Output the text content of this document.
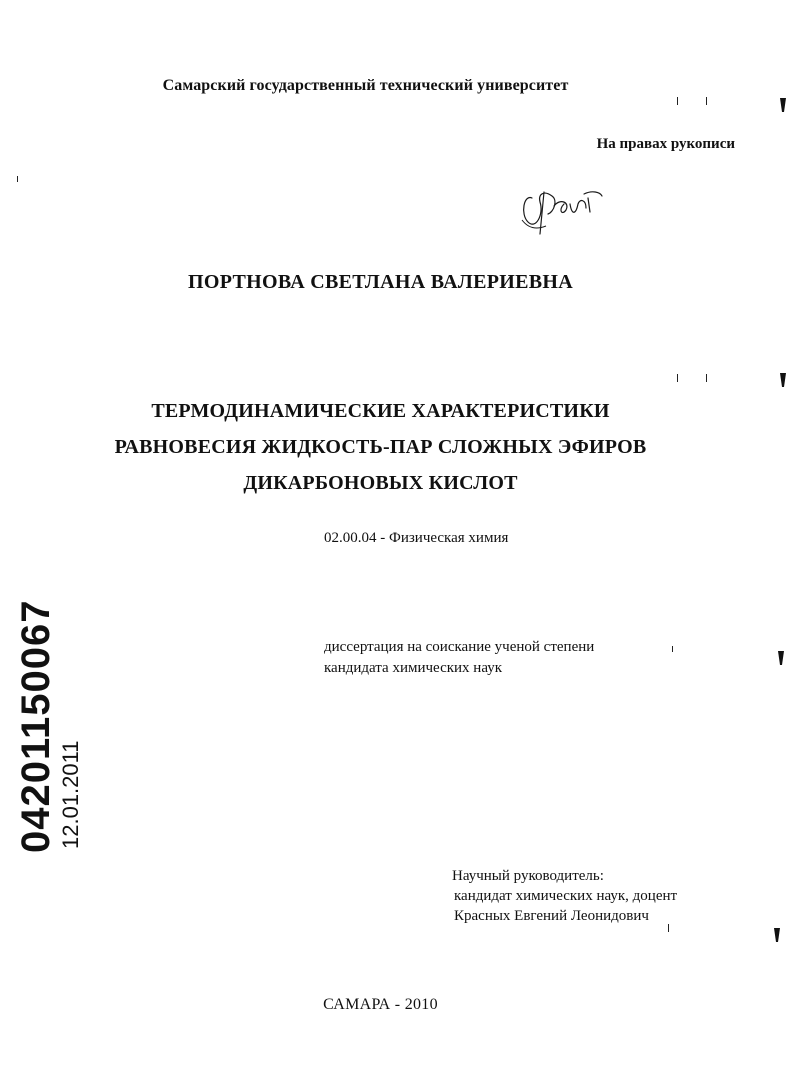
Самарский государственный технический университет
На правах рукописи
ПОРТНОВА СВЕТЛАНА ВАЛЕРИЕВНА
ТЕРМОДИНАМИЧЕСКИЕ ХАРАКТЕРИСТИКИ
РАВНОВЕСИЯ ЖИДКОСТЬ-ПАР СЛОЖНЫХ ЭФИРОВ
ДИКАРБОНОВЫХ КИСЛОТ
02.00.04 - Физическая химия
диссертация на соискание ученой степени
кандидата химических наук
Научный руководитель:
кандидат химических наук, доцент
Красных Евгений Леонидович
САМАРА - 2010
04201150067 12.01.2011
